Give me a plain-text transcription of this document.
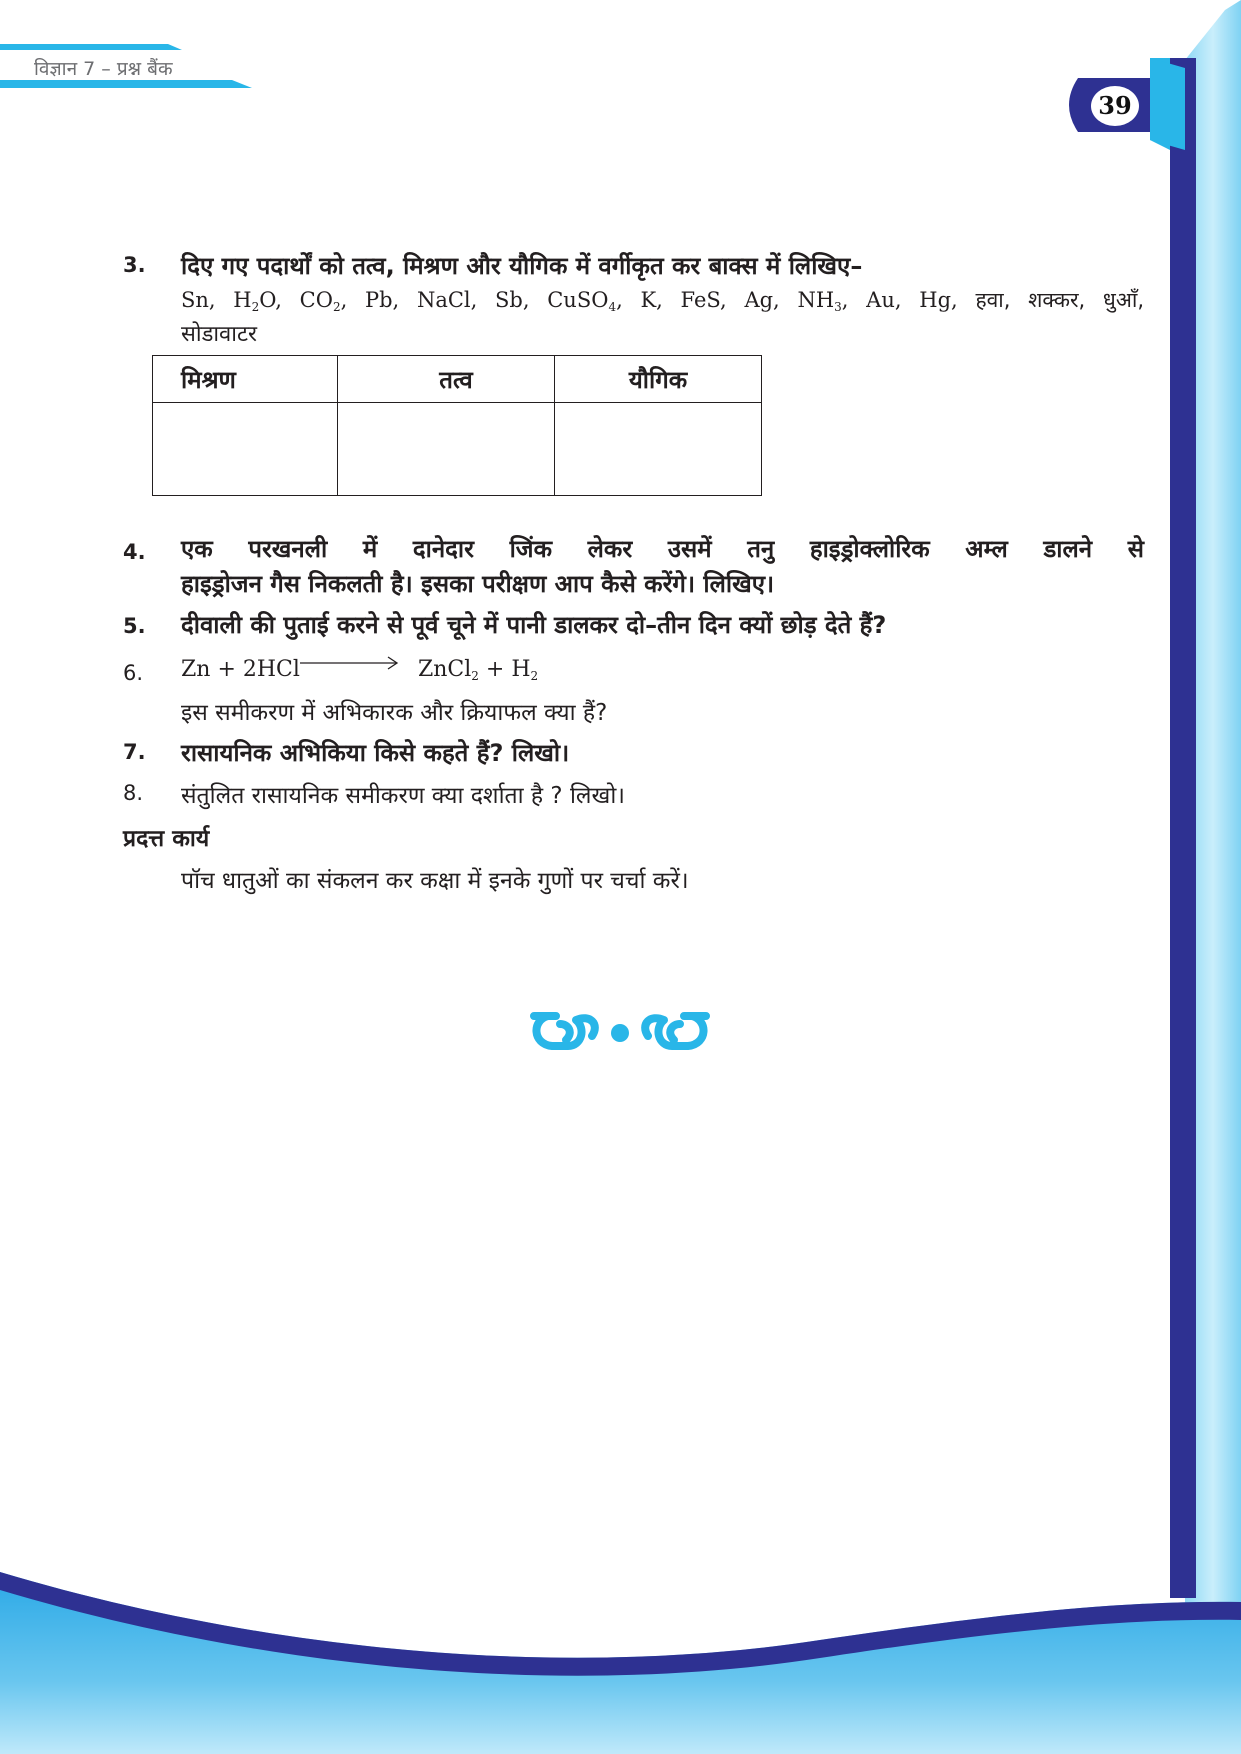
विज्ञान 7 – प्रश्न बैंक
39
3.	दिए गए पदार्थों को तत्व, मिश्रण और यौगिक में वर्गीकृत कर बाक्स में लिखिए–
Sn, $H_2O$, $CO_2$, Pb, NaCl, Sb, CuSO$_4$, K, FeS, Ag, $NH_3$, Au, Hg, हवा, शक्कर, धुआँ,
सोडावाटर
मिश्रण	तत्व	यौगिक

4.	एक परखनली में दानेदार जिंक लेकर उसमें तनु हाइड्रोक्लोरिक अम्ल डालने से
हाइड्रोजन गैस निकलती है। इसका परीक्षण आप कैसे करेंगे। लिखिए।
5.	दीवाली की पुताई करने से पूर्व चूने में पानी डालकर दो–तीन दिन क्यों छोड़ देते हैं?
6. Zn + 2HCl	ZnCl$_2$ + $H_2$
इस समीकरण में अभिकारक और क्रियाफल क्या हैं?
7.	रासायनिक अभिकिया किसे कहते हैं? लिखो।
8.	संतुलित रासायनिक समीकरण क्या दर्शाता है ? लिखो।
प्रदत्त कार्य
पॉच धातुओं का संकलन कर कक्षा में इनके गुणों पर चर्चा करें।
